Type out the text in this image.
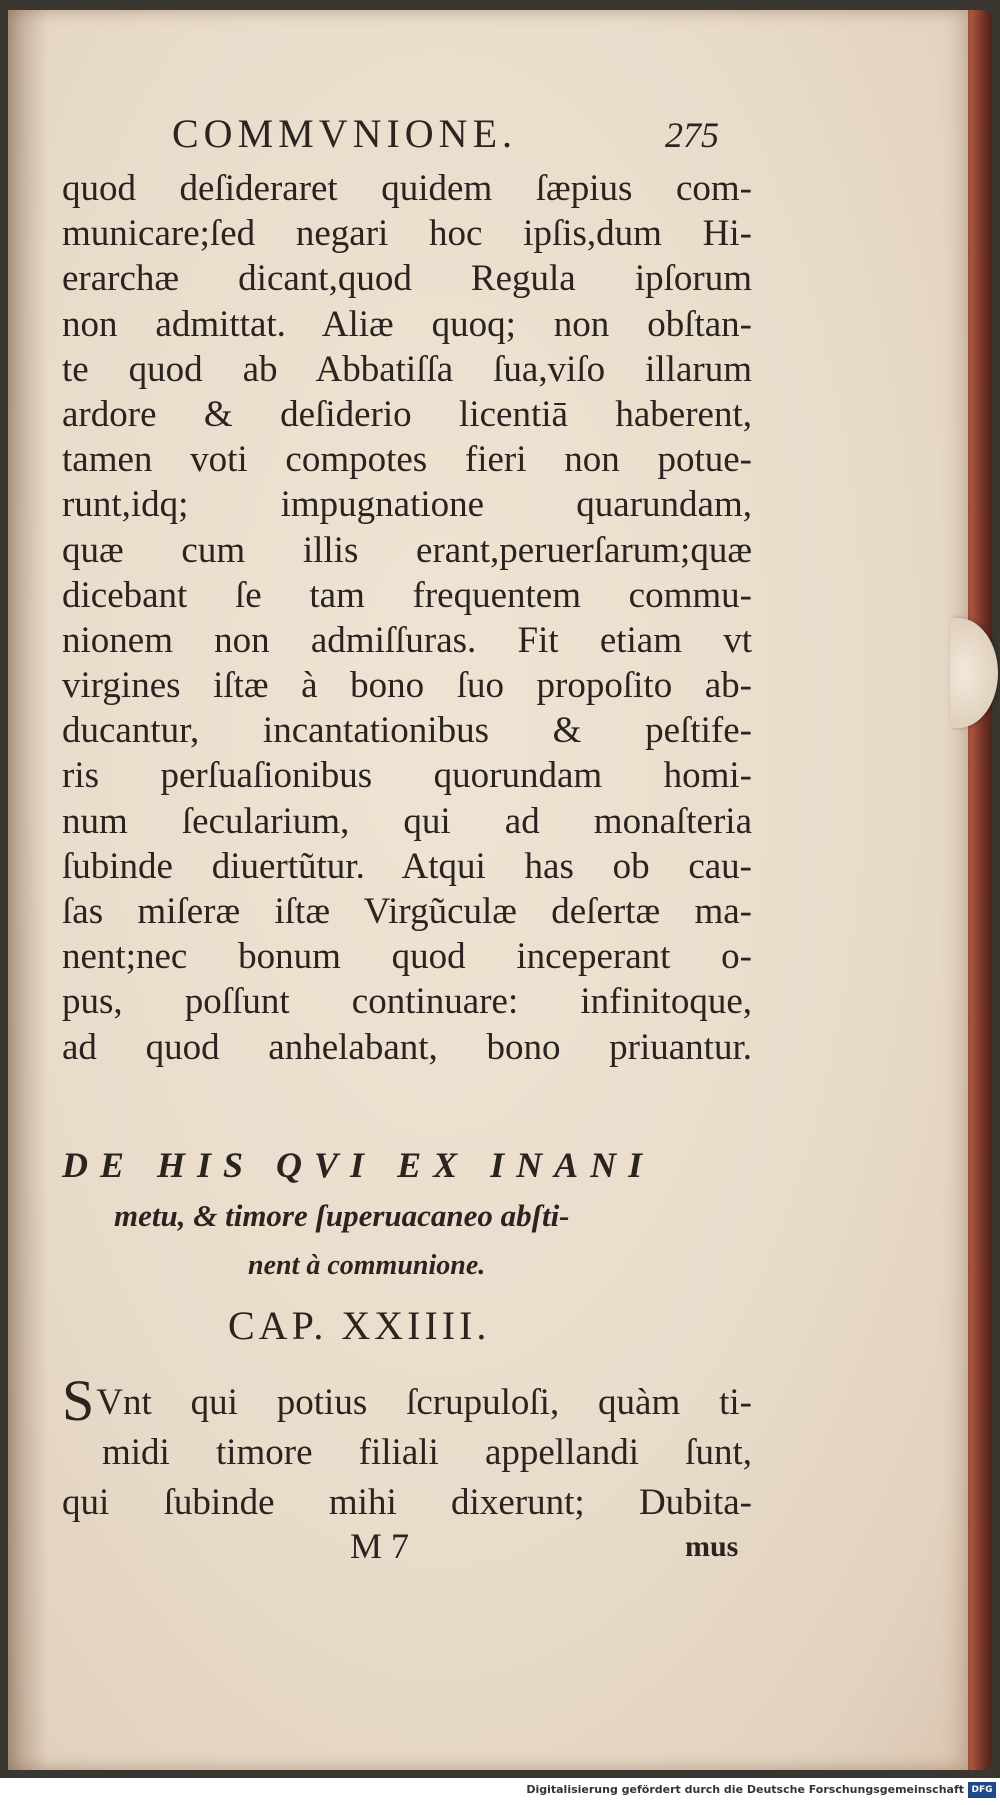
COMMVNIONE.	275
quod deſideraret quidem ſæpius com-
municare;ſed negari hoc ipſis,dum Hi-
erarchæ dicant,quod Regula ipſorum
non admittat. Aliæ quoq; non obſtan-
te quod ab Abbatiſſa ſua,viſo illarum
ardore & deſiderio licentiā haberent,
tamen voti compotes fieri non potue-
runt,idq; impugnatione quarundam,
quæ cum illis erant,peruerſarum;quæ
dicebant ſe tam frequentem commu-
nionem non admiſſuras. Fit etiam vt
virgines iſtæ à bono ſuo propoſito ab-
ducantur, incantationibus & peſtife-
ris perſuaſionibus quorundam homi-
num ſecularium, qui ad monaſteria
ſubinde diuertũtur. Atqui has ob cau-
ſas miſeræ iſtæ Virgũculæ deſertæ ma-
nent;nec bonum quod inceperant o-
pus, poſſunt continuare: infinitoque,
ad quod anhelabant, bono priuantur.
DE HIS QVI EX INANI
metu, & timore ſuperuacaneo abſti-
nent à communione.
CAP. XXIIII.
SVnt qui potius ſcrupuloſi, quàm ti-
midi timore filiali appellandi ſunt,
qui ſubinde mihi dixerunt; Dubita-
M 7	mus
Digitalisierung gefördert durch die Deutsche Forschungsgemeinschaft DFG
